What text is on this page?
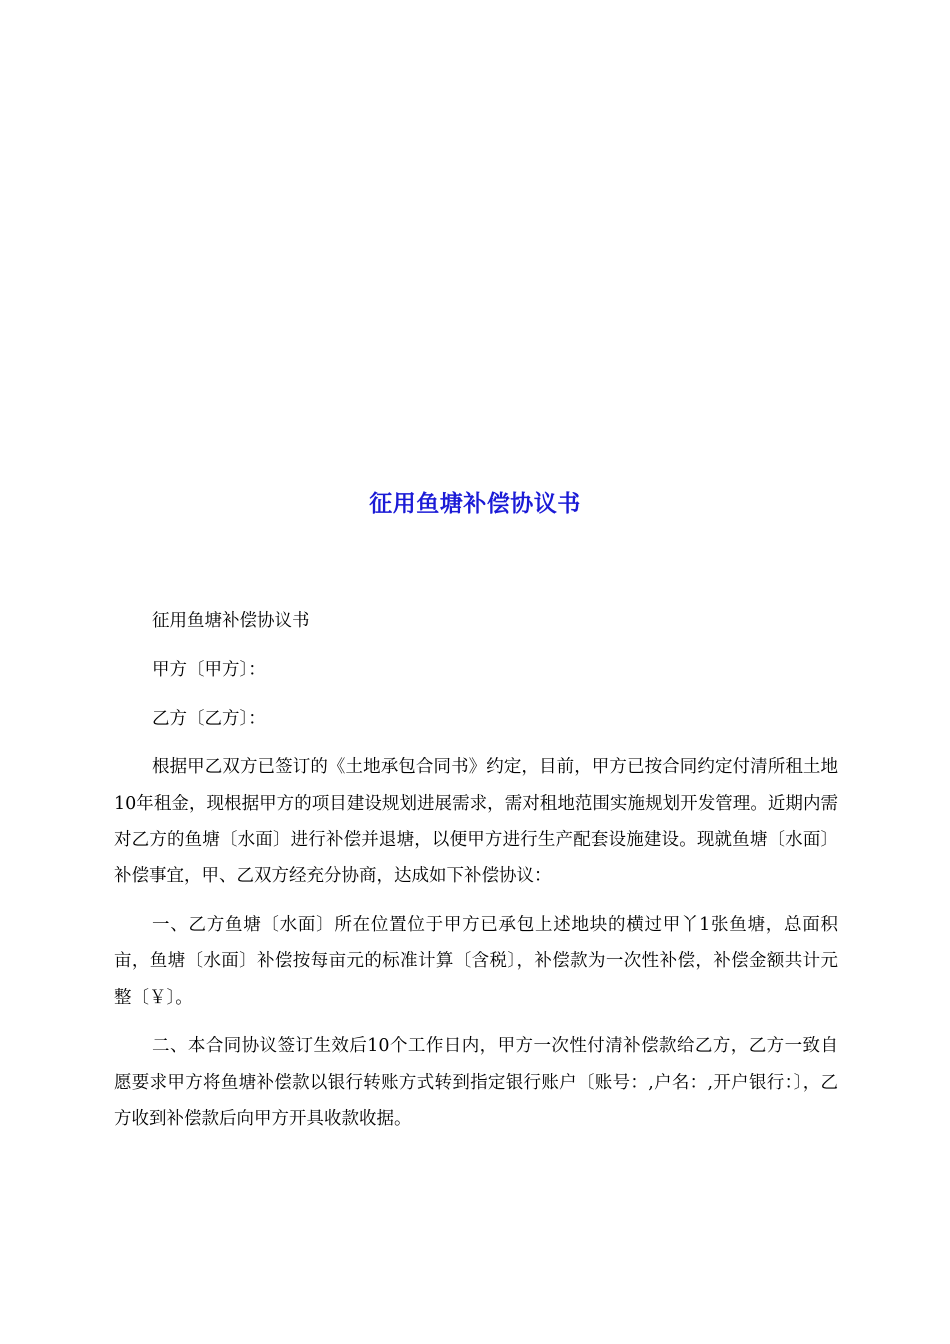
征用鱼塘补偿协议书

征用鱼塘补偿协议书

甲方〔甲方〕：

乙方〔乙方〕：

根据甲乙双方已签订的《土地承包合同书》约定，目前，甲方已按合同约定付清所租土地10年租金，现根据甲方的项目建设规划进展需求，需对租地范围实施规划开发管理。近期内需对乙方的鱼塘〔水面〕进行补偿并退塘，以便甲方进行生产配套设施建设。现就鱼塘〔水面〕补偿事宜，甲、乙双方经充分协商，达成如下补偿协议：

一、乙方鱼塘〔水面〕所在位置位于甲方已承包上述地块的横过甲丫1张鱼塘，总面积亩，鱼塘〔水面〕补偿按每亩元的标准计算〔含税〕，补偿款为一次性补偿，补偿金额共计元整〔￥〕。

二、本合同协议签订生效后10个工作日内，甲方一次性付清补偿款给乙方，乙方一致自愿要求甲方将鱼塘补偿款以银行转账方式转到指定银行账户〔账号：,户名：,开户银行：〕，乙方收到补偿款后向甲方开具收款收据。
